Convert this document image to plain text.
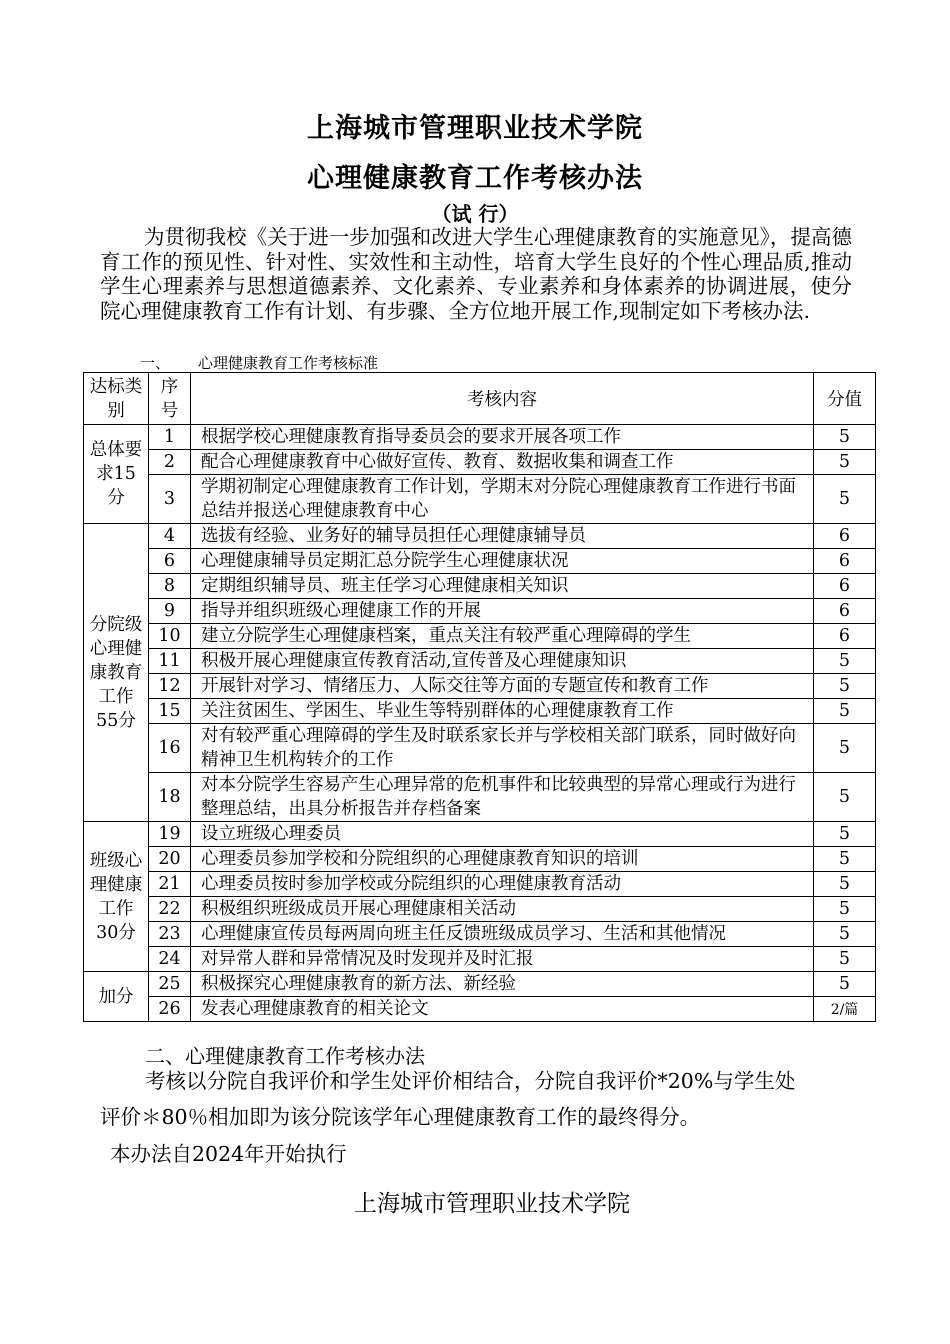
上海城市管理职业技术学院
心理健康教育工作考核办法
（试 行）
为贯彻我校《关于进一步加强和改进大学生心理健康教育的实施意见》，提高德育工作的预见性、针对性、实效性和主动性，培育大学生良好的个性心理品质,推动学生心理素养与思想道德素养、文化素养、专业素养和身体素养的协调进展，使分院心理健康教育工作有计划、有步骤、全方位地开展工作,现制定如下考核办法.
一、 心理健康教育工作考核标准
达标类别	序号	考核内容	分值
总体要求15分	1	根据学校心理健康教育指导委员会的要求开展各项工作	5
	2	配合心理健康教育中心做好宣传、教育、数据收集和调查工作	5
	3	学期初制定心理健康教育工作计划，学期末对分院心理健康教育工作进行书面总结并报送心理健康教育中心	5
分院级心理健康教育工作55分	4	选拔有经验、业务好的辅导员担任心理健康辅导员	6
	6	心理健康辅导员定期汇总分院学生心理健康状况	6
	8	定期组织辅导员、班主任学习心理健康相关知识	6
	9	指导并组织班级心理健康工作的开展	6
	10	建立分院学生心理健康档案，重点关注有较严重心理障碍的学生	6
	11	积极开展心理健康宣传教育活动,宣传普及心理健康知识	5
	12	开展针对学习、情绪压力、人际交往等方面的专题宣传和教育工作	5
	15	关注贫困生、学困生、毕业生等特别群体的心理健康教育工作	5
	16	对有较严重心理障碍的学生及时联系家长并与学校相关部门联系，同时做好向精神卫生机构转介的工作	5
	18	对本分院学生容易产生心理异常的危机事件和比较典型的异常心理或行为进行整理总结，出具分析报告并存档备案	5
班级心理健康工作30分	19	设立班级心理委员	5
	20	心理委员参加学校和分院组织的心理健康教育知识的培训	5
	21	心理委员按时参加学校或分院组织的心理健康教育活动	5
	22	积极组织班级成员开展心理健康相关活动	5
	23	心理健康宣传员每两周向班主任反馈班级成员学习、生活和其他情况	5
	24	对异常人群和异常情况及时发现并及时汇报	5
加分	25	积极探究心理健康教育的新方法、新经验	5
	26	发表心理健康教育的相关论文	2/篇
二、心理健康教育工作考核办法
考核以分院自我评价和学生处评价相结合，分院自我评价*20%与学生处
评价＊80％相加即为该分院该学年心理健康教育工作的最终得分。
本办法自2024年开始执行
上海城市管理职业技术学院
